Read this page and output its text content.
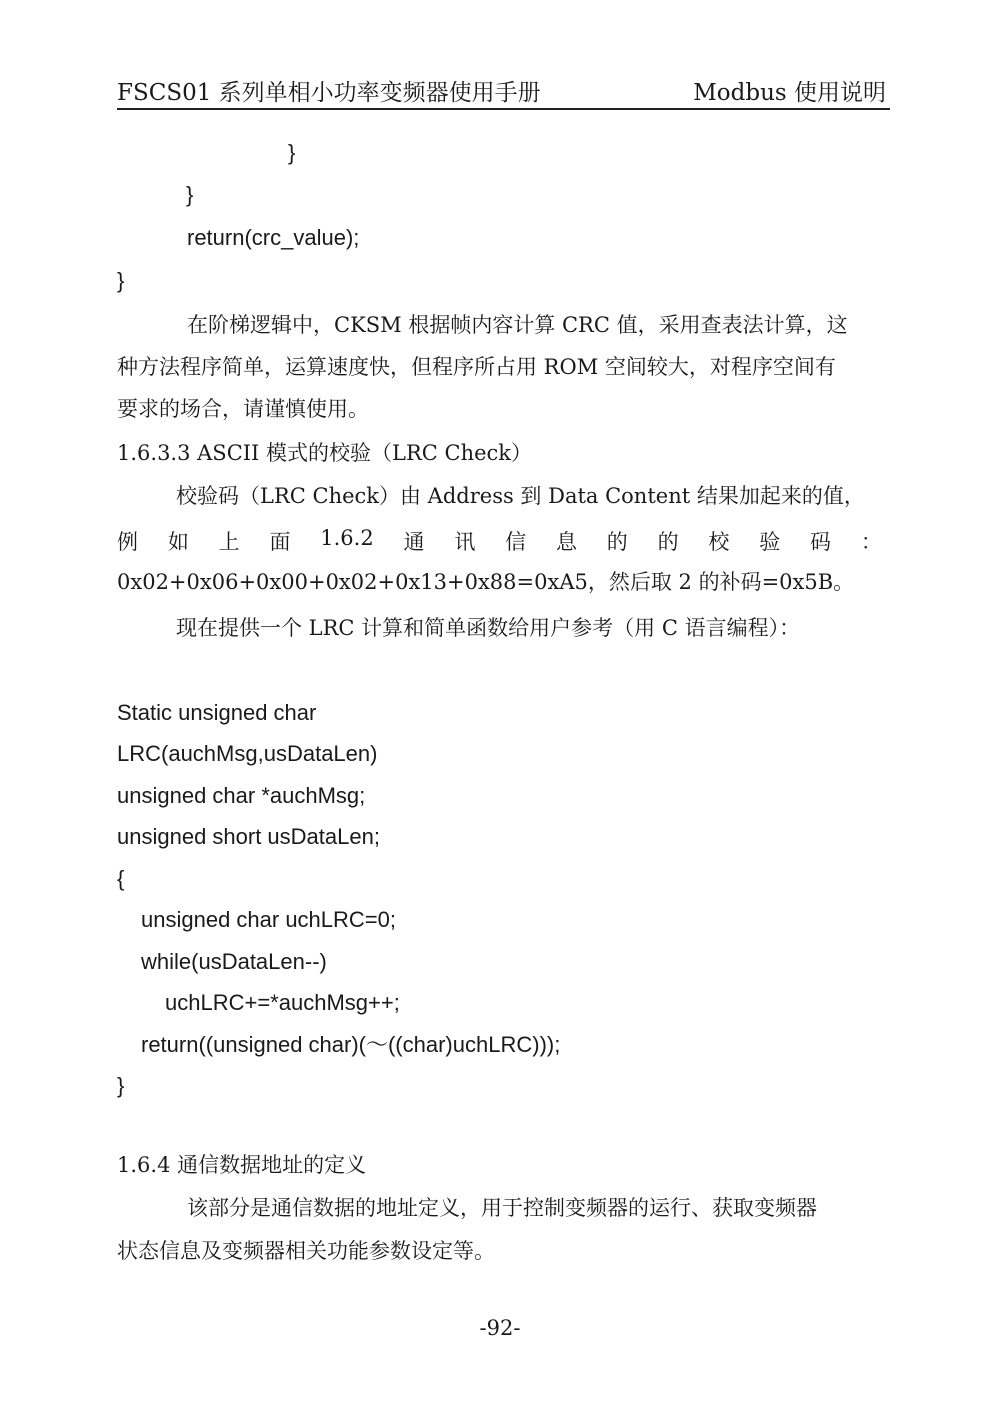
FSCS01 系列单相小功率变频器使用手册	Modbus 使用说明
}
}
return(crc_value);
}
在阶梯逻辑中，CKSM 根据帧内容计算 CRC 值，采用查表法计算，这
种方法程序简单，运算速度快，但程序所占用 ROM 空间较大，对程序空间有
要求的场合，请谨慎使用。
1.6.3.3 ASCII 模式的校验（LRC Check）
校验码（LRC Check）由 Address 到 Data Content 结果加起来的值，
例 如 上 面 1.6.2 通 讯 信 息 的 的 校 验 码 ：
0x02+0x06+0x00+0x02+0x13+0x88=0xA5，然后取 2 的补码=0x5B。
现在提供一个 LRC 计算和简单函数给用户参考（用 C 语言编程）：
Static unsigned char
LRC(auchMsg,usDataLen)
unsigned char *auchMsg;
unsigned short usDataLen;
{
unsigned char uchLRC=0;
while(usDataLen--)
uchLRC+=*auchMsg++;
return((unsigned char)(～((char)uchLRC)));
}
1.6.4 通信数据地址的定义
该部分是通信数据的地址定义，用于控制变频器的运行、获取变频器
状态信息及变频器相关功能参数设定等。
-92-
